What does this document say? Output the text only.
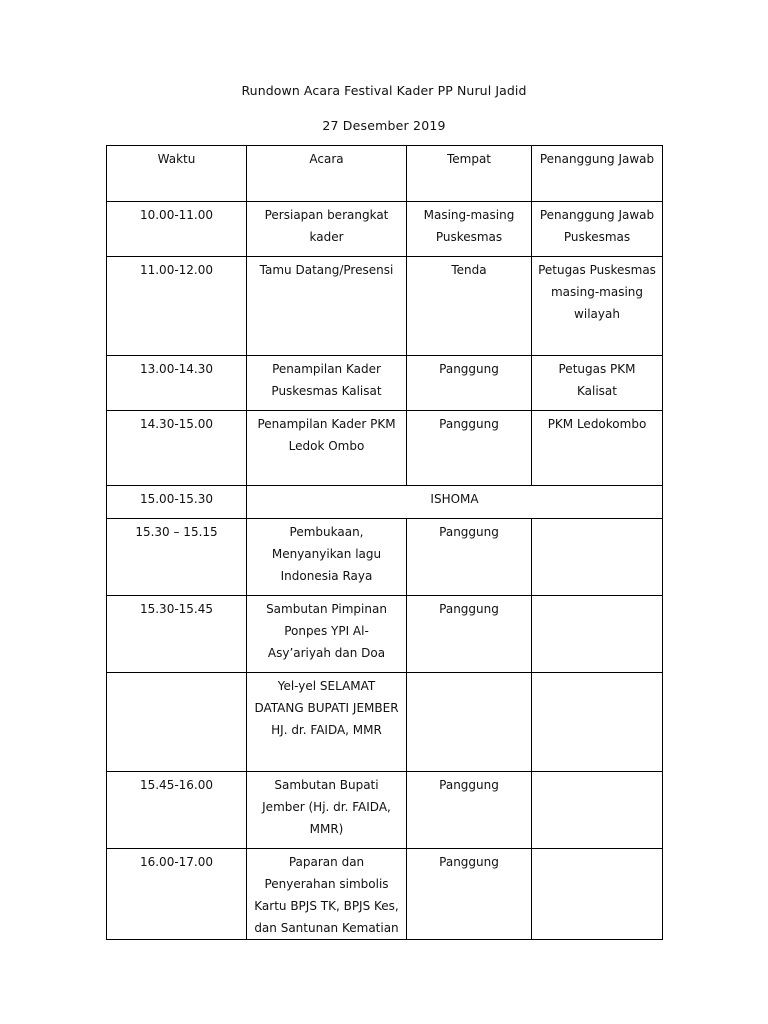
Rundown Acara Festival Kader PP Nurul Jadid
27 Desember 2019
Waktu	Acara	Tempat	Penanggung Jawab
10.00-11.00	Persiapan berangkat kader	Masing-masing Puskesmas	Penanggung Jawab Puskesmas
11.00-12.00	Tamu Datang/Presensi	Tenda	Petugas Puskesmas masing-masing wilayah
13.00-14.30	Penampilan Kader Puskesmas Kalisat	Panggung	Petugas PKM Kalisat
14.30-15.00	Penampilan Kader PKM Ledok Ombo	Panggung	PKM Ledokombo
15.00-15.30	ISHOMA		
15.30 – 15.15	Pembukaan, Menyanyikan lagu Indonesia Raya	Panggung	
15.30-15.45	Sambutan Pimpinan Ponpes YPI Al-Asy’ariyah dan Doa	Panggung	
	Yel-yel SELAMAT DATANG BUPATI JEMBER HJ. dr. FAIDA, MMR		
15.45-16.00	Sambutan Bupati Jember (Hj. dr. FAIDA, MMR)	Panggung	
16.00-17.00	Paparan dan Penyerahan simbolis Kartu BPJS TK, BPJS Kes, dan Santunan Kematian	Panggung	
